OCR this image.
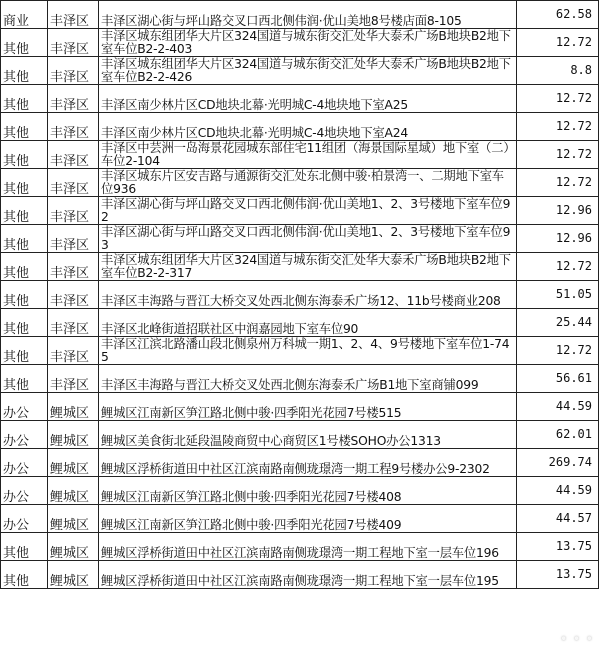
商业	丰泽区	丰泽区湖心街与坪山路交叉口西北侧伟润·优山美地8号楼店面8-105	62.58
其他	丰泽区	丰泽区城东组团华大片区324国道与城东街交汇处华大泰禾广场B地块B2地下室车位B2-2-403	12.72
其他	丰泽区	丰泽区城东组团华大片区324国道与城东街交汇处华大泰禾广场B地块B2地下室车位B2-2-426	8.8
其他	丰泽区	丰泽区南少林片区CD地块北幕·光明城C-4地块地下室A25	12.72
其他	丰泽区	丰泽区南少林片区CD地块北幕·光明城C-4地块地下室A24	12.72
其他	丰泽区	丰泽区中芸洲一岛海景花园城东部住宅11组团（海景国际星域）地下室（二）车位2-104	12.72
其他	丰泽区	丰泽区城东片区安吉路与通源街交汇处东北侧中骏·柏景湾一、二期地下室车位936	12.72
其他	丰泽区	丰泽区湖心街与坪山路交叉口西北侧伟润·优山美地1、2、3号楼地下室车位92	12.96
其他	丰泽区	丰泽区湖心街与坪山路交叉口西北侧伟润·优山美地1、2、3号楼地下室车位93	12.96
其他	丰泽区	丰泽区城东组团华大片区324国道与城东街交汇处华大泰禾广场B地块B2地下室车位B2-2-317	12.72
其他	丰泽区	丰泽区丰海路与晋江大桥交叉处西北侧东海泰禾广场12、11b号楼商业208	51.05
其他	丰泽区	丰泽区北峰街道招联社区中润嘉园地下室车位90	25.44
其他	丰泽区	丰泽区江滨北路潘山段北侧泉州万科城一期1、2、4、9号楼地下室车位1-745	12.72
其他	丰泽区	丰泽区丰海路与晋江大桥交叉处西北侧东海泰禾广场B1地下室商铺099	56.61
办公	鲤城区	鲤城区江南新区笋江路北侧中骏·四季阳光花园7号楼515	44.59
办公	鲤城区	鲤城区美食街北延段温陵商贸中心商贸区1号楼SOHO办公1313	62.01
办公	鲤城区	鲤城区浮桥街道田中社区江滨南路南侧珑璟湾一期工程9号楼办公9-2302	269.74
办公	鲤城区	鲤城区江南新区笋江路北侧中骏·四季阳光花园7号楼408	44.59
办公	鲤城区	鲤城区江南新区笋江路北侧中骏·四季阳光花园7号楼409	44.57
其他	鲤城区	鲤城区浮桥街道田中社区江滨南路南侧珑璟湾一期工程地下室一层车位196	13.75
其他	鲤城区	鲤城区浮桥街道田中社区江滨南路南侧珑璟湾一期工程地下室一层车位195	13.75
• • •
